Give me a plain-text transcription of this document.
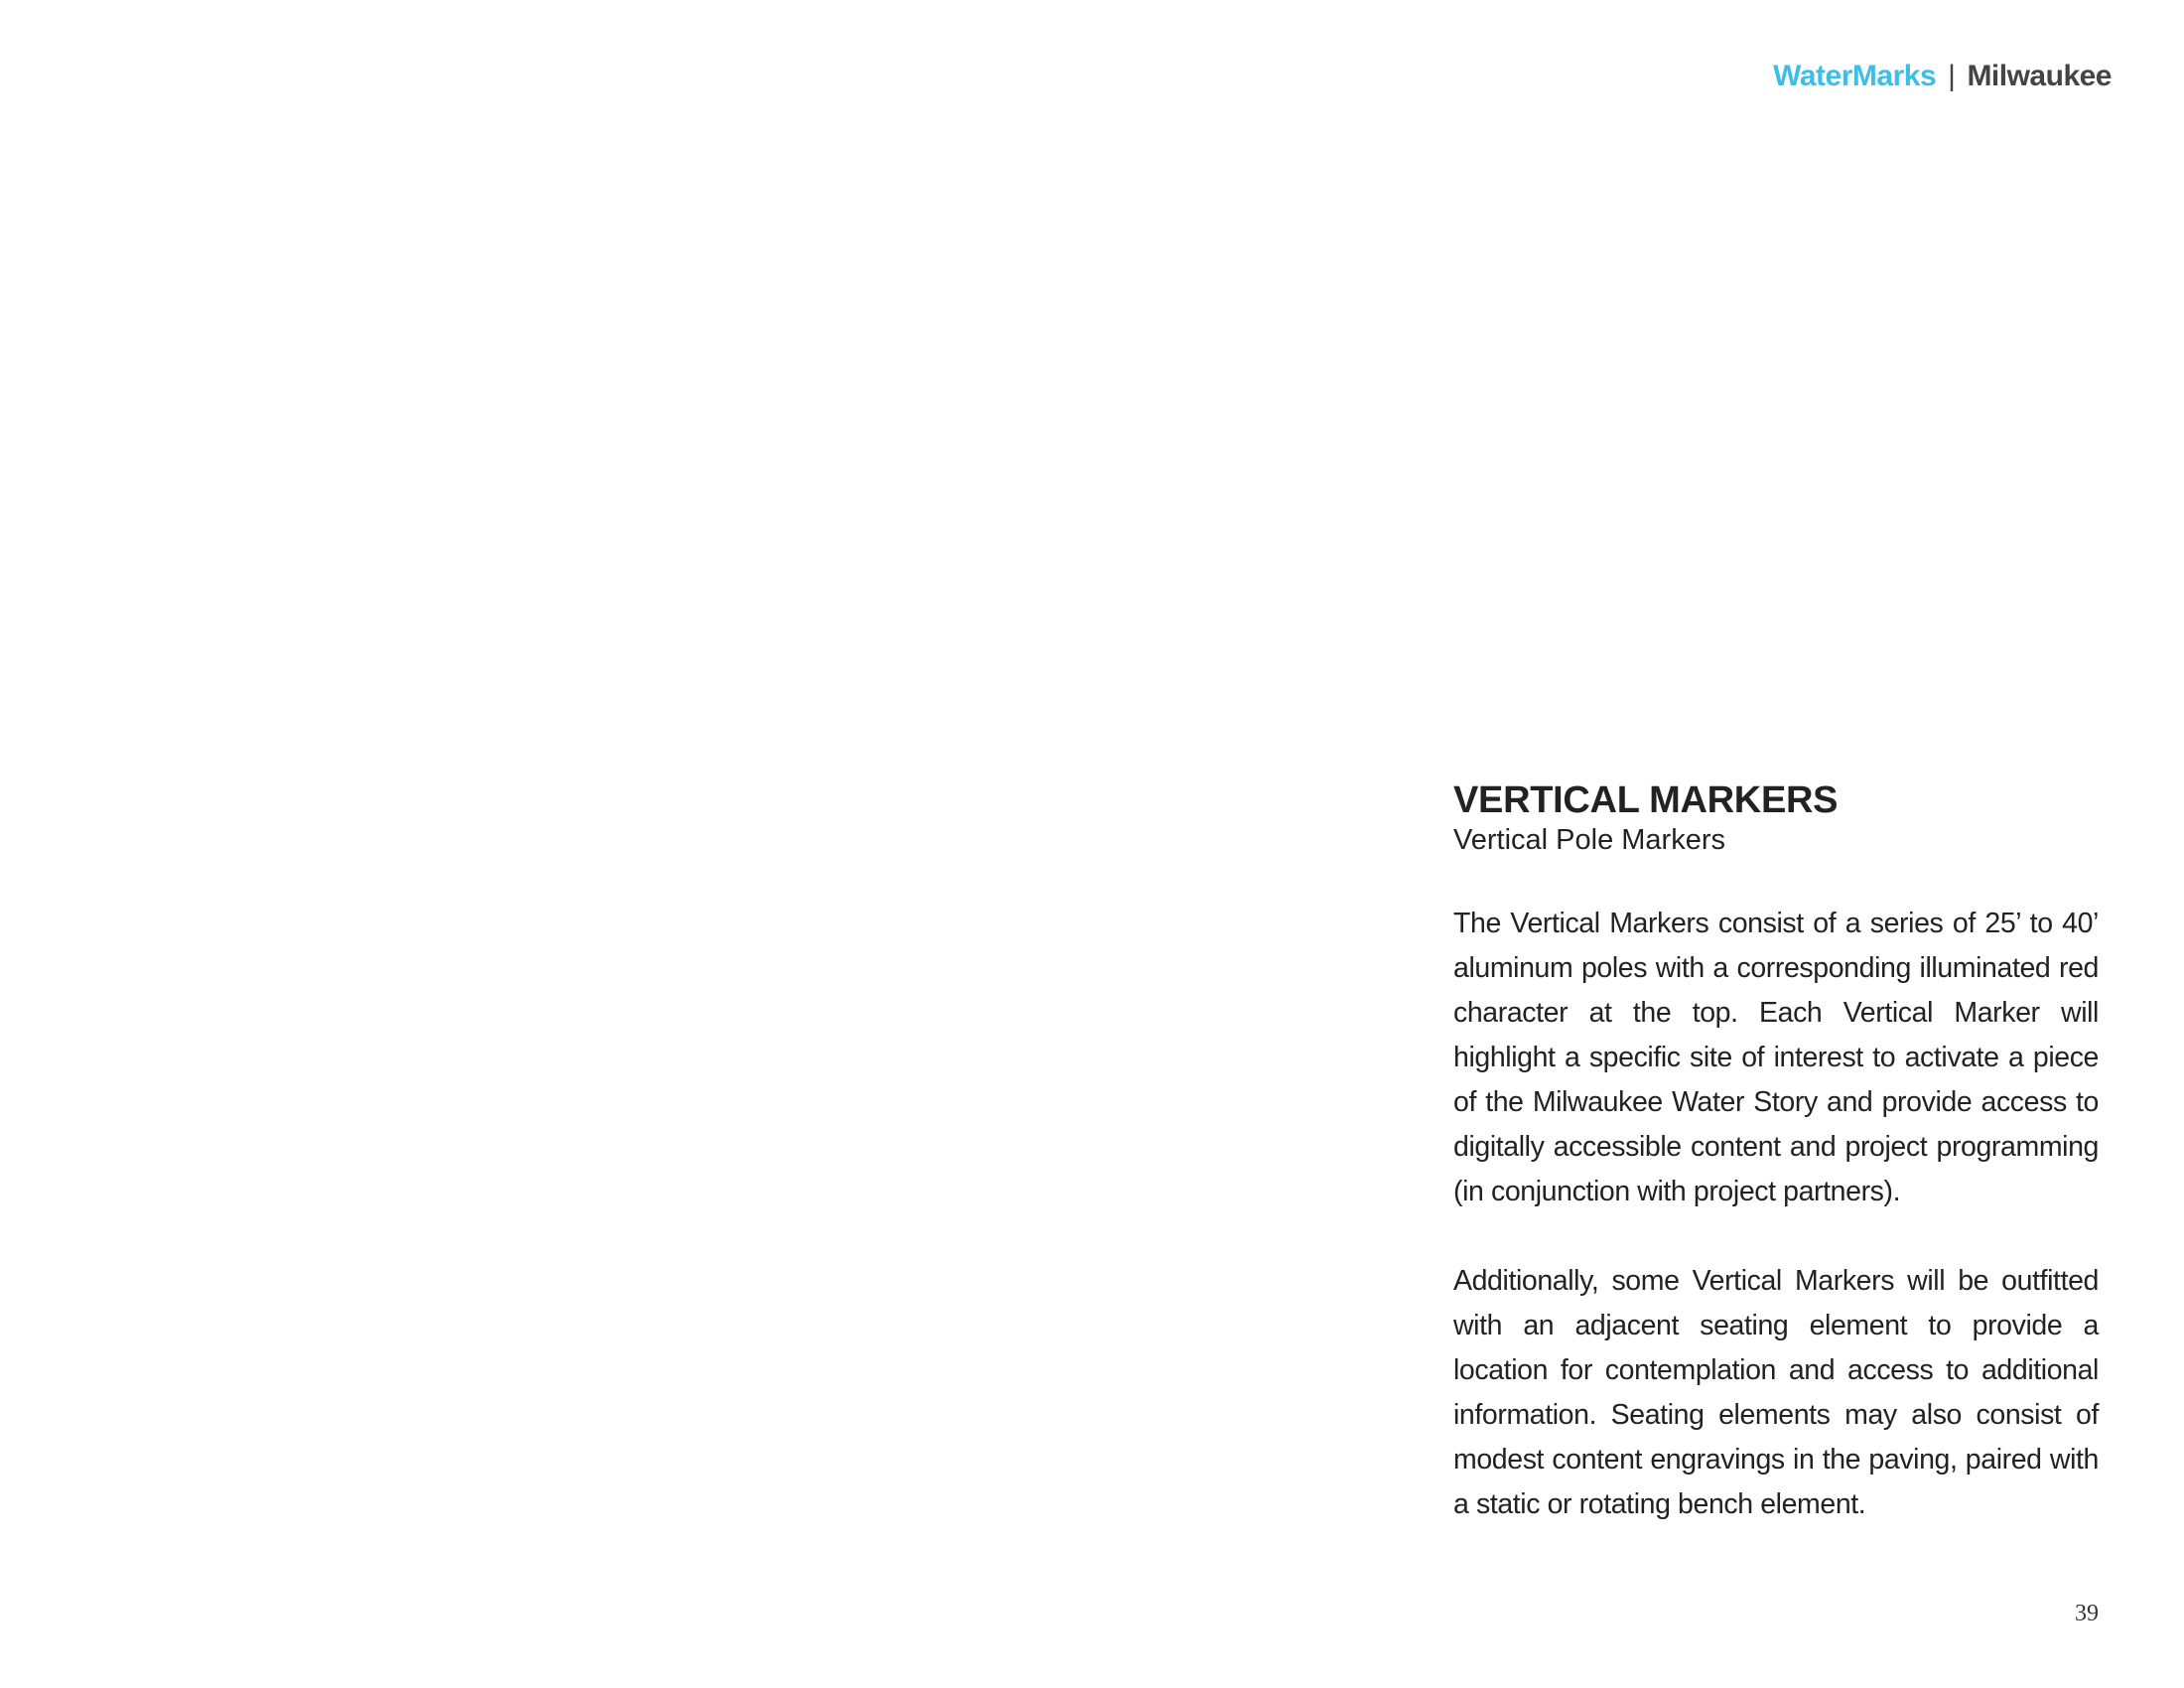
WaterMarks | Milwaukee
VERTICAL MARKERS
Vertical Pole Markers

The Vertical Markers consist of a series of 25’ to 40’ aluminum poles with a corresponding illuminated red character at the top. Each Vertical Marker will highlight a specific site of interest to activate a piece of the Milwaukee Water Story and provide access to digitally accessible content and project programming (in conjunction with project partners).

Additionally, some Vertical Markers will be outfitted with an adjacent seating element to provide a location for contemplation and access to additional information. Seating elements may also consist of modest content engravings in the paving, paired with a static or rotating bench element.

39
